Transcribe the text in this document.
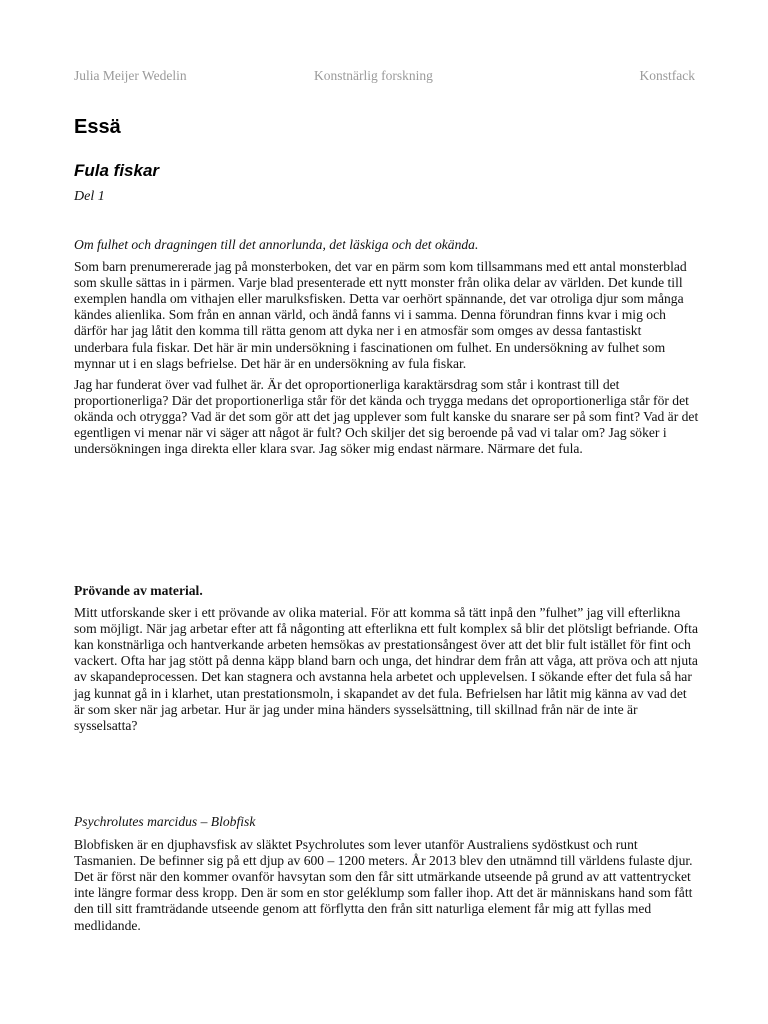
Julia Meijer Wedelin	Konstnärlig forskning	Konstfack
Essä
Fula fiskar
Del 1
Om fulhet och dragningen till det annorlunda, det läskiga och det okända.

Som barn prenumererade jag på monsterboken, det var en pärm som kom tillsammans med ett antal monsterblad som skulle sättas in i pärmen. Varje blad presenterade ett nytt monster från olika delar av världen. Det kunde till exemplen handla om vithajen eller marulksfisken. Detta var oerhört spännande, det var otroliga djur som många kändes alienlika. Som från en annan värld, och ändå fanns vi i samma. Denna förundran finns kvar i mig och därför har jag låtit den komma till rätta genom att dyka ner i en atmosfär som omges av dessa fantastiskt underbara fula fiskar. Det här är min undersökning i fascinationen om fulhet. En undersökning av fulhet som mynnar ut i en slags befrielse. Det här är en undersökning av fula fiskar.

Jag har funderat över vad fulhet är. Är det oproportionerliga karaktärsdrag som står i kontrast till det proportionerliga? Där det proportionerliga står för det kända och trygga medans det oproportionerliga står för det okända och otrygga? Vad är det som gör att det jag upplever som fult kanske du snarare ser på som fint? Vad är det egentligen vi menar när vi säger att något är fult? Och skiljer det sig beroende på vad vi talar om? Jag söker i undersökningen inga direkta eller klara svar. Jag söker mig endast närmare. Närmare det fula.

Prövande av material.

Mitt utforskande sker i ett prövande av olika material. För att komma så tätt inpå den ”fulhet” jag vill efterlikna som möjligt. När jag arbetar efter att få någonting att efterlikna ett fult komplex så blir det plötsligt befriande. Ofta kan konstnärliga och hantverkande arbeten hemsökas av prestationsångest över att det blir fult istället för fint och vackert. Ofta har jag stött på denna käpp bland barn och unga, det hindrar dem från att våga, att pröva och att njuta av skapandeprocessen. Det kan stagnera och avstanna hela arbetet och upplevelsen. I sökande efter det fula så har jag kunnat gå in i klarhet, utan prestationsmoln, i skapandet av det fula. Befrielsen har låtit mig känna av vad det är som sker när jag arbetar. Hur är jag under mina händers sysselsättning, till skillnad från när de inte är sysselsatta?

Psychrolutes marcidus – Blobfisk

Blobfisken är en djuphavsfisk av släktet Psychrolutes som lever utanför Australiens sydöstkust och runt Tasmanien. De befinner sig på ett djup av 600 – 1200 meters. År 2013 blev den utnämnd till världens fulaste djur. Det är först när den kommer ovanför havsytan som den får sitt utmärkande utseende på grund av att vattentrycket inte längre formar dess kropp. Den är som en stor geléklump som faller ihop. Att det är människans hand som fått den till sitt framträdande utseende genom att förflytta den från sitt naturliga element får mig att fyllas med medlidande.
